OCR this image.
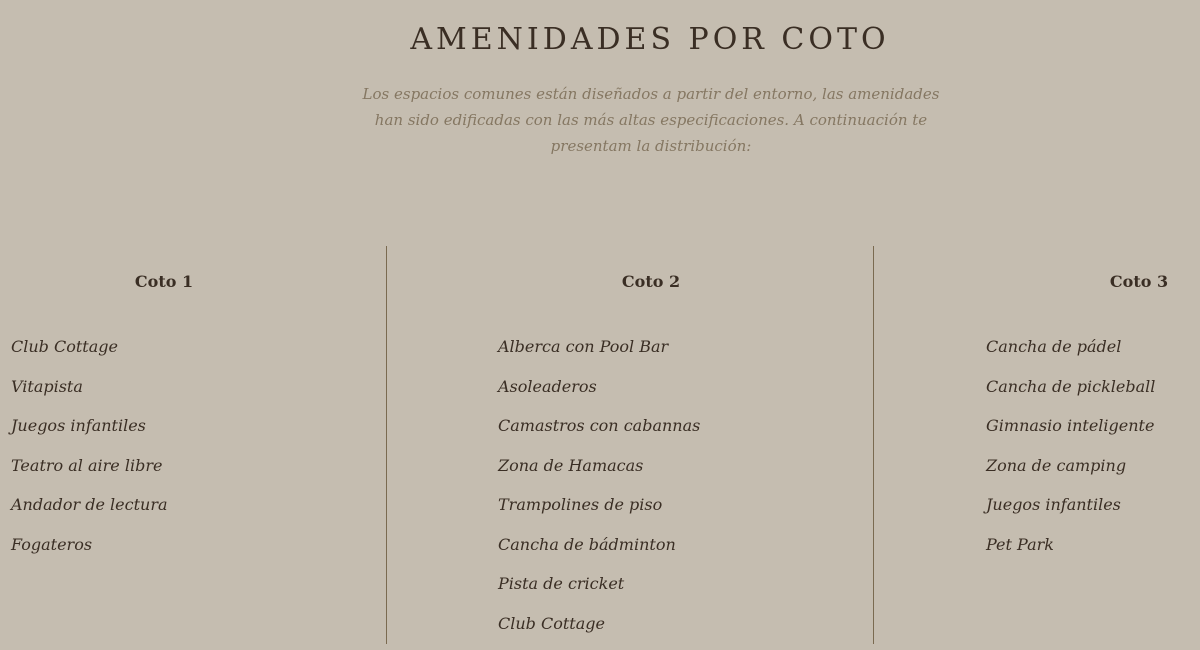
AMENIDADES POR COTO

Los espacios comunes están diseñados a partir del entorno, las amenidades han sido edificadas con las más altas especificaciones. A continuación te presentam la distribución:

Coto 1
Club Cottage
Vitapista
Juegos infantiles
Teatro al aire libre
Andador de lectura
Fogateros
Coto 2
Alberca con Pool Bar
Asoleaderos
Camastros con cabannas
Zona de Hamacas
Trampolines de piso
Cancha de bádminton
Pista de cricket
Club Cottage
Coto 3
Cancha de pádel
Cancha de pickleball
Gimnasio inteligente
Zona de camping
Juegos infantiles
Pet Park
